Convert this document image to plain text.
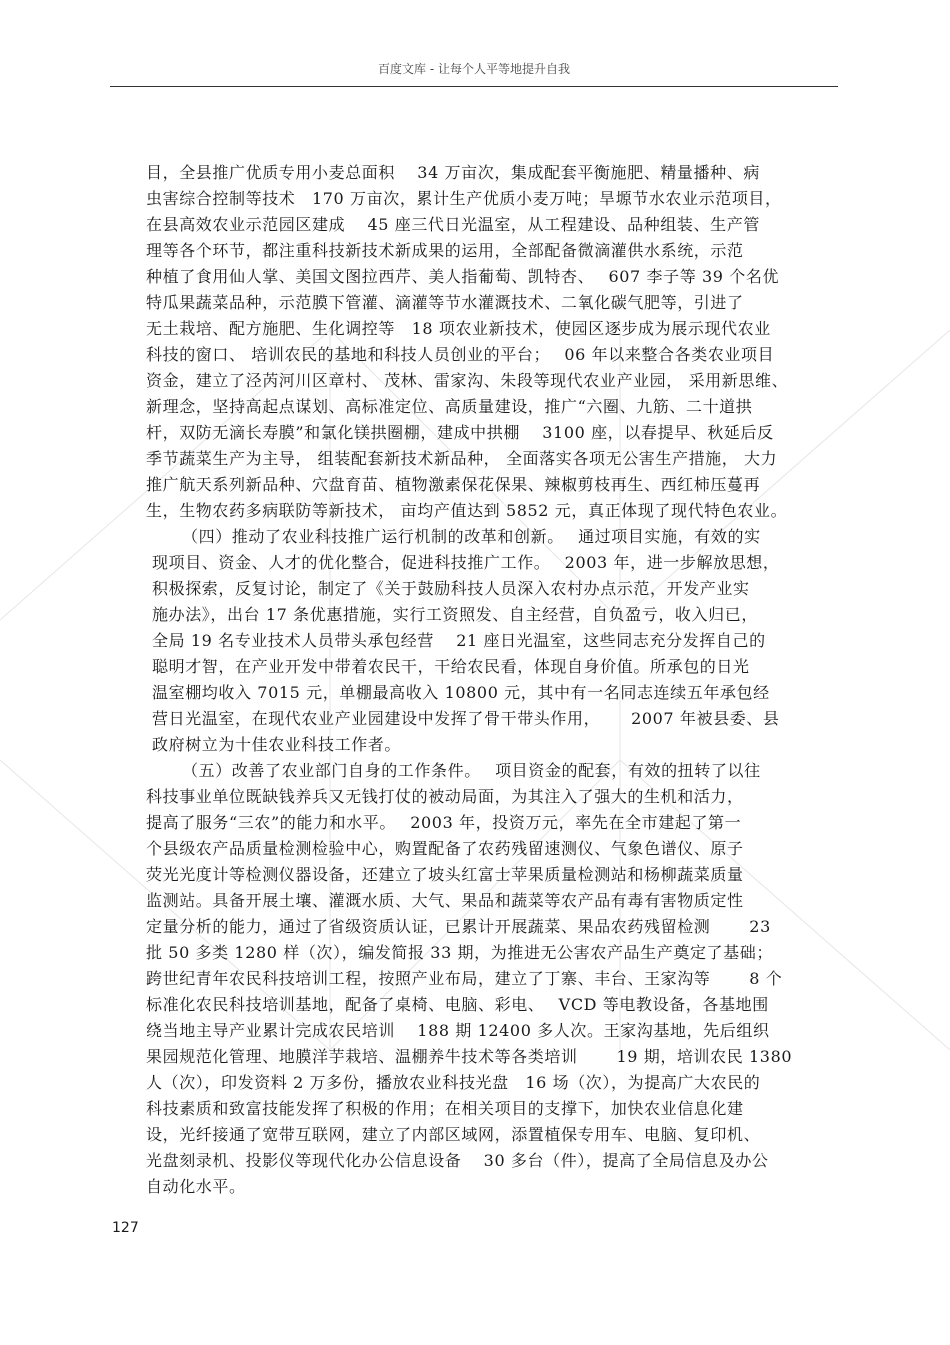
百度文库 - 让每个人平等地提升自我
目，全县推广优质专用小麦总面积　 34 万亩次，集成配套平衡施肥、精量播种、病
虫害综合控制等技术　170 万亩次，累计生产优质小麦万吨；旱塬节水农业示范项目，
在县高效农业示范园区建成　 45 座三代日光温室，从工程建设、品种组装、生产管
理等各个环节，都注重科技新技术新成果的运用，全部配备微滴灌供水系统，示范
种植了食用仙人掌、美国文图拉西芹、美人指葡萄、凯特杏、　 607 李子等 39 个名优
特瓜果蔬菜品种，示范膜下管灌、滴灌等节水灌溉技术、二氧化碳气肥等，引进了
无土栽培、配方施肥、生化调控等　18 项农业新技术，使园区逐步成为展示现代农业
科技的窗口、 培训农民的基地和科技人员创业的平台；　 06 年以来整合各类农业项目
资金，建立了泾芮河川区章村、 茂林、雷家沟、朱段等现代农业产业园， 采用新思维、
新理念，坚持高起点谋划、高标准定位、高质量建设，推广“六圈、九筋、二十道拱
杆，双防无滴长寿膜”和氯化镁拱圈棚，建成中拱棚　 3100 座，以春提早、秋延后反
季节蔬菜生产为主导， 组装配套新技术新品种， 全面落实各项无公害生产措施， 大力
推广航天系列新品种、穴盘育苗、植物激素保花保果、辣椒剪枝再生、西红柿压蔓再
生，生物农药多病联防等新技术， 亩均产值达到 5852 元，真正体现了现代特色农业。
（四）推动了农业科技推广运行机制的改革和创新。　 通过项目实施，有效的实
现项目、资金、人才的优化整合，促进科技推广工作。　 2003 年，进一步解放思想，
积极探索，反复讨论，制定了《关于鼓励科技人员深入农村办点示范，开发产业实
施办法》，出台 17 条优惠措施，实行工资照发、自主经营，自负盈亏，收入归已，
全局 19 名专业技术人员带头承包经营　 21 座日光温室，这些同志充分发挥自己的
聪明才智，在产业开发中带着农民干，干给农民看，体现自身价值。所承包的日光
温室棚均收入 7015 元，单棚最高收入 10800 元，其中有一名同志连续五年承包经
营日光温室，在现代农业产业园建设中发挥了骨干带头作用，　　 2007 年被县委、县
政府树立为十佳农业科技工作者。
（五）改善了农业部门自身的工作条件。　 项目资金的配套，有效的扭转了以往
科技事业单位既缺钱养兵又无钱打仗的被动局面，为其注入了强大的生机和活力，
提高了服务“三农”的能力和水平。　 2003 年，投资万元，率先在全市建起了第一
个县级农产品质量检测检验中心，购置配备了农药残留速测仪、气象色谱仪、原子
荧光光度计等检测仪器设备，还建立了坡头红富士苹果质量检测站和杨柳蔬菜质量
监测站。具备开展土壤、灌溉水质、大气、果品和蔬菜等农产品有毒有害物质定性
定量分析的能力，通过了省级资质认证，已累计开展蔬菜、果品农药残留检测　　 23
批 50 多类 1280 样（次），编发简报 33 期，为推进无公害农产品生产奠定了基础；
跨世纪青年农民科技培训工程，按照产业布局，建立了丁寨、丰台、王家沟等　　 8 个
标准化农民科技培训基地，配备了桌椅、电脑、彩电、　 VCD 等电教设备，各基地围
绕当地主导产业累计完成农民培训　 188 期 12400 多人次。王家沟基地，先后组织
果园规范化管理、地膜洋芋栽培、温棚养牛技术等各类培训　　 19 期，培训农民 1380
人（次），印发资料 2 万多份，播放农业科技光盘　16 场（次），为提高广大农民的
科技素质和致富技能发挥了积极的作用；在相关项目的支撑下，加快农业信息化建
设，光纤接通了宽带互联网，建立了内部区域网，添置植保专用车、电脑、复印机、
光盘刻录机、投影仪等现代化办公信息设备　 30 多台（件），提高了全局信息及办公
自动化水平。
127
